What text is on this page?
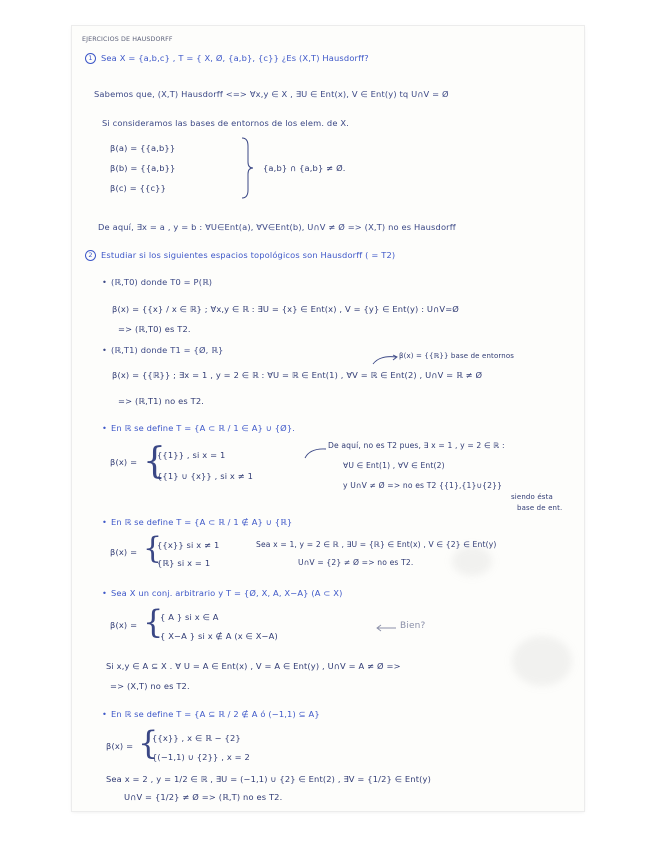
EJERCICIOS DE HAUSDORFF
1	Sea X = {a,b,c} , T = { X, Ø, {a,b}, {c}} ¿Es (X,T) Hausdorff?
Sabemos que, (X,T) Hausdorff <=> ∀x,y ∈ X , ∃U ∈ Ent(x), V ∈ Ent(y) tq U∩V = Ø
Si consideramos las bases de entornos de los elem. de X.
β(a) = {{a,b}}
β(b) = {{a,b}}
β(c) = {{c}}
{a,b} ∩ {a,b} ≠ Ø.
De aquí, ∃x = a , y = b : ∀U∈Ent(a), ∀V∈Ent(b), U∩V ≠ Ø => (X,T) no es Hausdorff
2	Estudiar si los siguientes espacios topológicos son Hausdorff ( = T2)
• (ℝ,T0) donde T0 = P(ℝ)
β(x) = {{x} / x ∈ ℝ} ; ∀x,y ∈ ℝ : ∃U = {x} ∈ Ent(x) , V = {y} ∈ Ent(y) : U∩V=Ø
=> (ℝ,T0) es T2.
• (ℝ,T1) donde T1 = {Ø, ℝ}
β(x) = {{ℝ}} base de entornos
β(x) = {{ℝ}} ; ∃x = 1 , y = 2 ∈ ℝ : ∀U = ℝ ∈ Ent(1) , ∀V = ℝ ∈ Ent(2) , U∩V = ℝ ≠ Ø
=> (ℝ,T1) no es T2.
• En ℝ se define T = {A ⊂ ℝ / 1 ∈ A} ∪ {Ø}.
β(x) = {
{{1}} , si x = 1
{{1} ∪ {x}} , si x ≠ 1
De aquí, no es T2 pues, ∃ x = 1 , y = 2 ∈ ℝ :
∀U ∈ Ent(1) , ∀V ∈ Ent(2)
y U∩V ≠ Ø => no es T2 {{1},{1}∪{2}}
siendo ésta
base de ent.
• En ℝ se define T = {A ⊂ ℝ / 1 ∉ A} ∪ {ℝ}
β(x) = {
{{x}} si x ≠ 1
{ℝ} si x = 1
Sea x = 1, y = 2 ∈ ℝ , ∃U = {ℝ} ∈ Ent(x) , V ∈ {2} ∈ Ent(y)
U∩V = {2} ≠ Ø => no es T2.
• Sea X un conj. arbitrario y T = {Ø, X, A, X−A} (A ⊂ X)
β(x) = {
{ A } si x ∈ A
{ X−A } si x ∉ A (x ∈ X−A)
Bien?
Si x,y ∈ A ⊆ X . ∀ U = A ∈ Ent(x) , V = A ∈ Ent(y) , U∩V = A ≠ Ø =>
=> (X,T) no es T2.
• En ℝ se define T = {A ⊆ ℝ / 2 ∉ A ó (−1,1) ⊆ A}
β(x) = {
{{x}} , x ∈ ℝ − {2}
{(−1,1) ∪ {2}} , x = 2
Sea x = 2 , y = 1/2 ∈ ℝ , ∃U = (−1,1) ∪ {2} ∈ Ent(2) , ∃V = {1/2} ∈ Ent(y)
U∩V = {1/2} ≠ Ø => (ℝ,T) no es T2.
